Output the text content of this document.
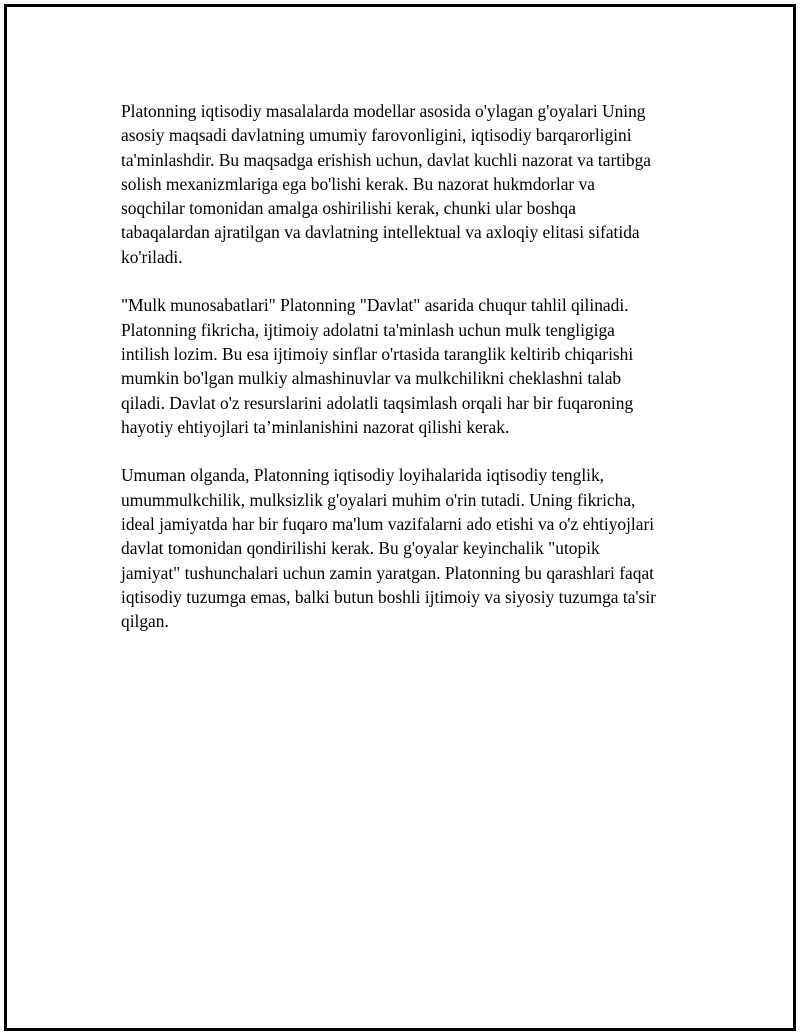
Platonning iqtisodiy masalalarda modellar asosida o'ylagan g'oyalari Uning
asosiy maqsadi davlatning umumiy farovonligini, iqtisodiy barqarorligini
ta'minlashdir. Bu maqsadga erishish uchun, davlat kuchli nazorat va tartibga
solish mexanizmlariga ega bo'lishi kerak. Bu nazorat hukmdorlar va
soqchilar tomonidan amalga oshirilishi kerak, chunki ular boshqa
tabaqalardan ajratilgan va davlatning intellektual va axloqiy elitasi sifatida
ko'riladi.

"Mulk munosabatlari" Platonning "Davlat" asarida chuqur tahlil qilinadi.
Platonning fikricha, ijtimoiy adolatni ta'minlash uchun mulk tengligiga
intilish lozim. Bu esa ijtimoiy sinflar o'rtasida taranglik keltirib chiqarishi
mumkin bo'lgan mulkiy almashinuvlar va mulkchilikni cheklashni talab
qiladi. Davlat o'z resurslarini adolatli taqsimlash orqali har bir fuqaroning
hayotiy ehtiyojlari ta’minlanishini nazorat qilishi kerak.

Umuman olganda, Platonning iqtisodiy loyihalarida iqtisodiy tenglik,
umummulkchilik, mulksizlik g'oyalari muhim o'rin tutadi. Uning fikricha,
ideal jamiyatda har bir fuqaro ma'lum vazifalarni ado etishi va o'z ehtiyojlari
davlat tomonidan qondirilishi kerak. Bu g'oyalar keyinchalik "utopik
jamiyat" tushunchalari uchun zamin yaratgan. Platonning bu qarashlari faqat
iqtisodiy tuzumga emas, balki butun boshli ijtimoiy va siyosiy tuzumga ta'sir
qilgan.
